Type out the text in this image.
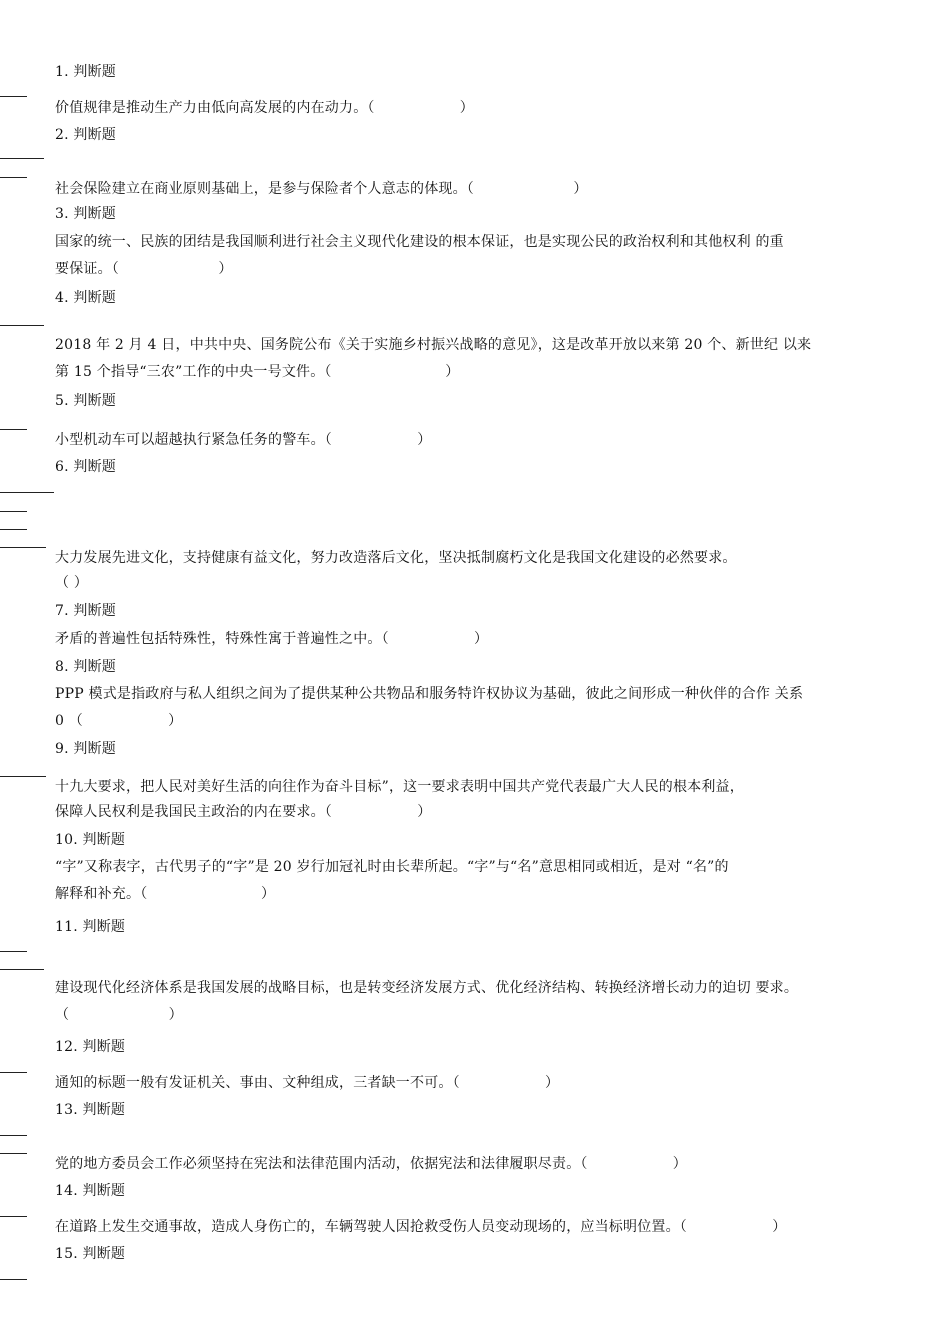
1. 判断题
价值规律是推动生产力由低向高发展的内在动力。（　　　　　　）
2. 判断题
社会保险建立在商业原则基础上，是参与保险者个人意志的体现。（　　　　　　　）
3. 判断题
国家的统一、民族的团结是我国顺利进行社会主义现代化建设的根本保证，也是实现公民的政治权利和其他权利 的重
要保证。（　　　　　　　）
4. 判断题
2018 年 2 月 4 日，中共中央、国务院公布《关于实施乡村振兴战略的意见》，这是改革开放以来第 20 个、新世纪 以来
第 15 个指导“三农”工作的中央一号文件。（　　　　　　　　）
5. 判断题
小型机动车可以超越执行紧急任务的警车。（　　　　　　）
6. 判断题
大力发展先进文化，支持健康有益文化，努力改造落后文化，坚决抵制腐朽文化是我国文化建设的必然要求。
（ ）
7. 判断题
矛盾的普遍性包括特殊性，特殊性寓于普遍性之中。（　　　　　　）
8. 判断题
PPP 模式是指政府与私人组织之间为了提供某种公共物品和服务特许权协议为基础，彼此之间形成一种伙伴的合作 关系
0 （　　　　　　）
9. 判断题
十九大要求，把人民对美好生活的向往作为奋斗目标”，这一要求表明中国共产党代表最广大人民的根本利益，
保障人民权利是我国民主政治的内在要求。（　　　　　　）
10. 判断题
“字”又称表字，古代男子的“字”是 20 岁行加冠礼时由长辈所起。“字”与“名”意思相同或相近，是对 “名”的
解释和补充。（　　　　　　　　）
11. 判断题
建设现代化经济体系是我国发展的战略目标，也是转变经济发展方式、优化经济结构、转换经济增长动力的迫切 要求。
（　　　　　　　）
12. 判断题
通知的标题一般有发证机关、事由、文种组成，三者缺一不可。（　　　　　　）
13. 判断题
党的地方委员会工作必须坚持在宪法和法律范围内活动，依据宪法和法律履职尽责。（　　　　　　）
14. 判断题
在道路上发生交通事故，造成人身伤亡的，车辆驾驶人因抢救受伤人员变动现场的，应当标明位置。（　　　　　　）
15. 判断题
